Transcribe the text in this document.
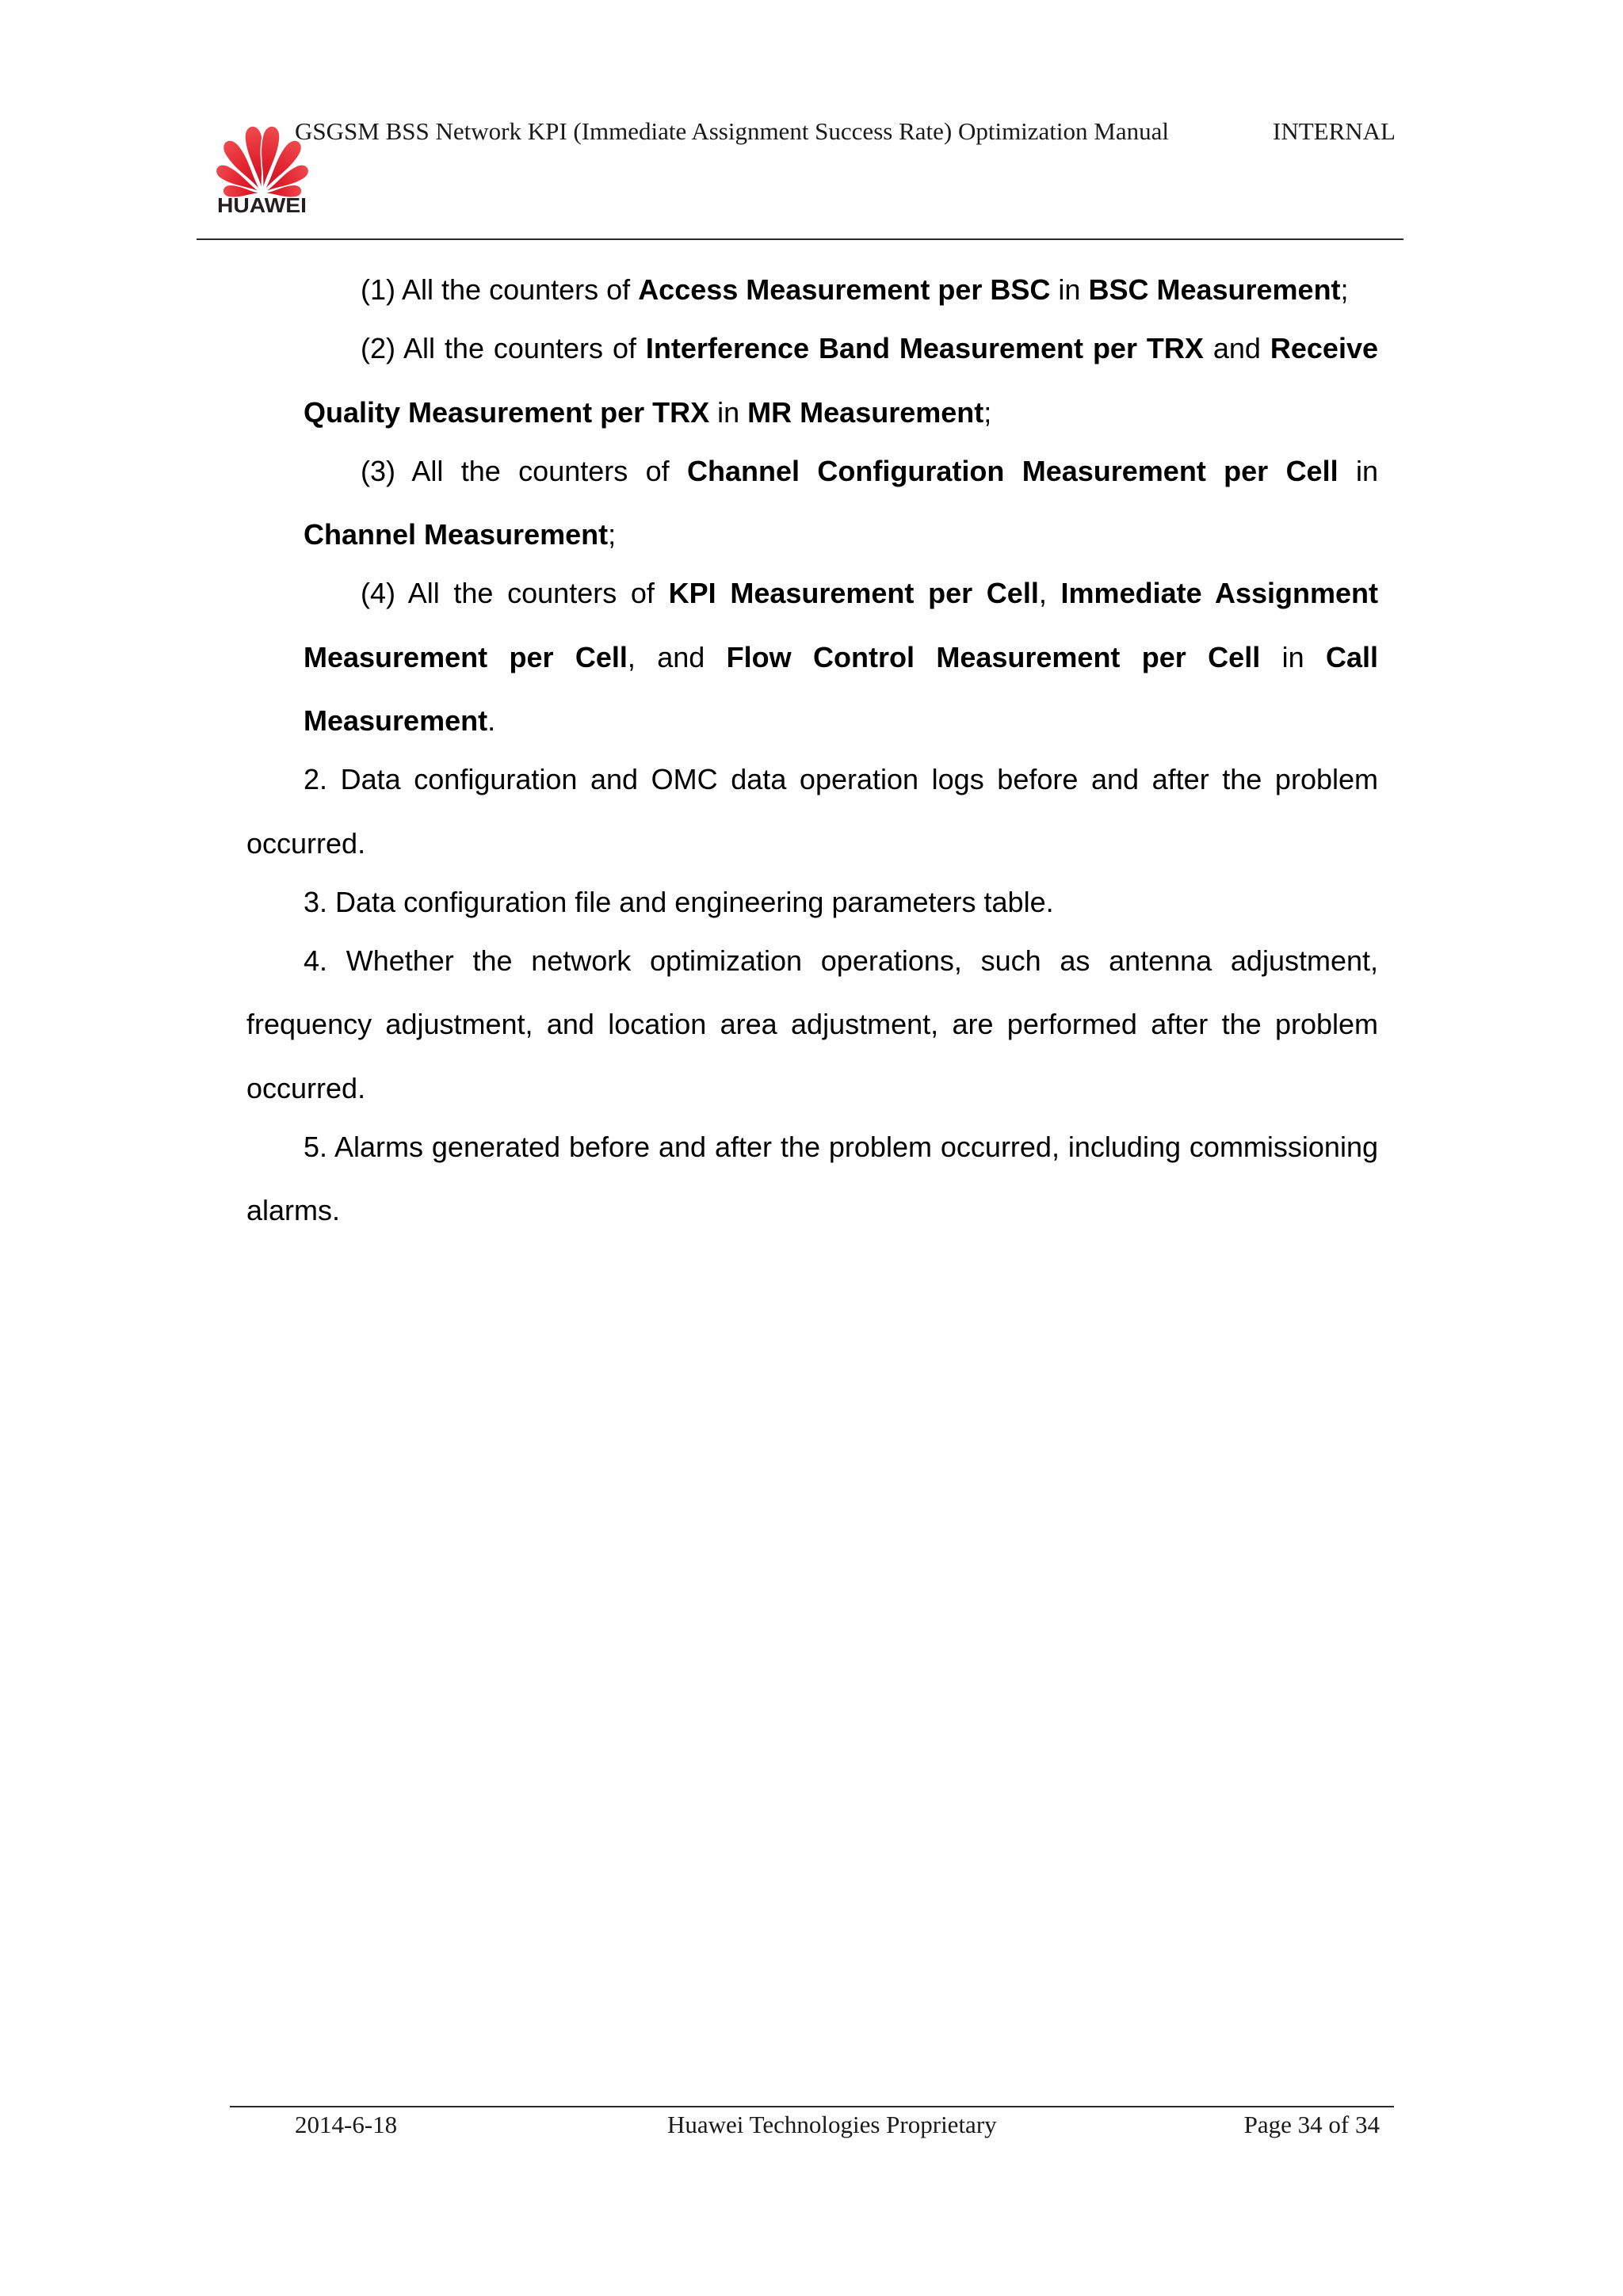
HUAWEI
GSGSM BSS Network KPI (Immediate Assignment Success Rate) Optimization Manual	INTERNAL
(1) All the counters of Access Measurement per BSC in BSC Measurement;
(2) All the counters of Interference Band Measurement per TRX and Receive
Quality Measurement per TRX in MR Measurement;
(3) All the counters of Channel Configuration Measurement per Cell in
Channel Measurement;
(4) All the counters of KPI Measurement per Cell, Immediate Assignment
Measurement per Cell, and Flow Control Measurement per Cell in Call
Measurement.
2. Data configuration and OMC data operation logs before and after the problem
occurred.
3. Data configuration file and engineering parameters table.
4. Whether the network optimization operations, such as antenna adjustment,
frequency adjustment, and location area adjustment, are performed after the problem
occurred.
5. Alarms generated before and after the problem occurred, including commissioning
alarms.
2014-6-18	Huawei Technologies Proprietary	Page 34 of 34
